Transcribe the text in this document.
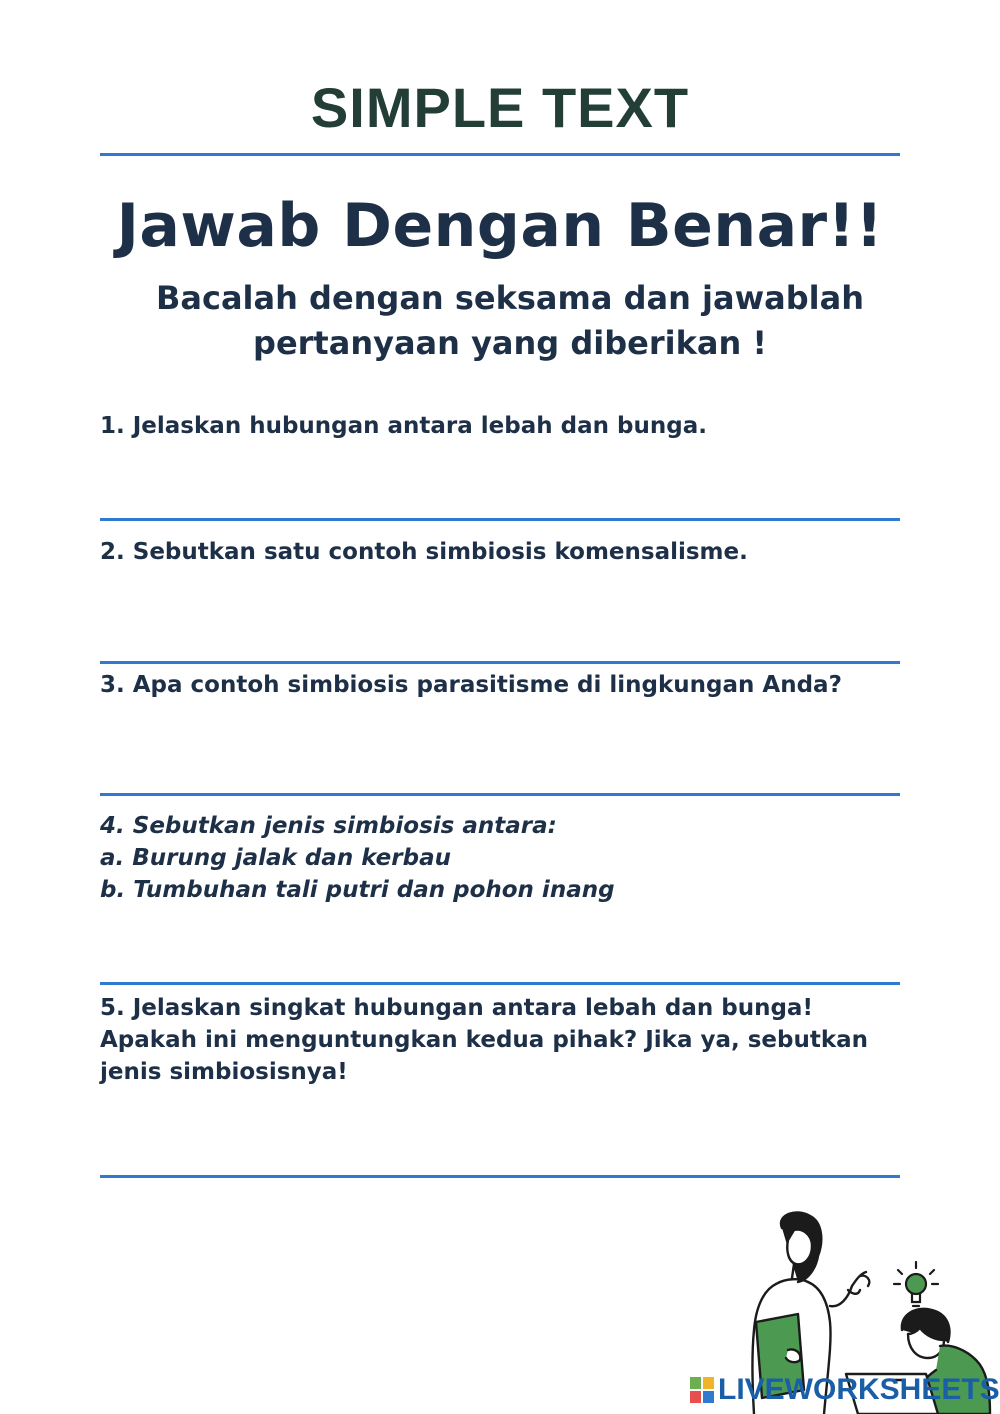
SIMPLE TEXT
Jawab Dengan Benar!!
Bacalah dengan seksama dan jawablah
pertanyaan yang diberikan !
1. Jelaskan hubungan antara lebah dan bunga.
2. Sebutkan satu contoh simbiosis komensalisme.
3. Apa contoh simbiosis parasitisme di lingkungan Anda?
4. Sebutkan jenis simbiosis antara:
a. Burung jalak dan kerbau
b. Tumbuhan tali putri dan pohon inang
5. Jelaskan singkat hubungan antara lebah dan bunga!
Apakah ini menguntungkan kedua pihak? Jika ya, sebutkan
jenis simbiosisnya!
LIVEWORKSHEETS
